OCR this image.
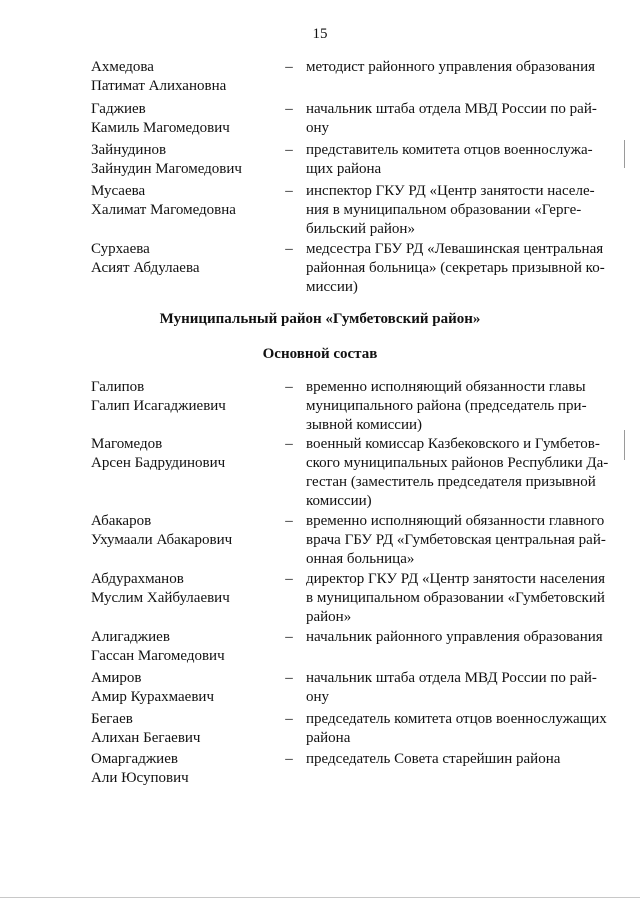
15
Ахмедова
Патимат Алихановна
– методист районного управления образования
Гаджиев
Камиль Магомедович
– начальник штаба отдела МВД России по рай-
ону
Зайнудинов
Зайнудин Магомедович
– представитель комитета отцов военнослужа-
щих района
Мусаева
Халимат Магомедовна
– инспектор ГКУ РД «Центр занятости населе-
ния в муниципальном образовании «Гергe-
бильский район»
Сурхаева
Асият Абдулаева
– медсестра ГБУ РД «Левашинская центральная
районная больница» (секретарь призывной ко-
миссии)
Муниципальный район «Гумбетовский район»
Основной состав
Галипов
Галип Исагаджиевич
– временно исполняющий обязанности главы
муниципального района (председатель при-
зывной комиссии)
Магомедов
Арсен Бадрудинович
– военный комиссар Казбековского и Гумбетов-
ского муниципальных районов Республики Да-
гестан (заместитель председателя призывной
комиссии)
Абакаров
Ухумаали Абакарович
– временно исполняющий обязанности главного
врача ГБУ РД «Гумбетовская центральная рай-
онная больница»
Абдурахманов
Муслим Хайбулаевич
– директор ГКУ РД «Центр занятости населения
в муниципальном образовании «Гумбетовский
район»
Алигаджиев
Гассан Магомедович
– начальник районного управления образования
Амиров
Амир Курахмаевич
– начальник штаба отдела МВД России по рай-
ону
Бегаев
Алихан Бегаевич
– председатель комитета отцов военнослужащих
района
Омаргаджиев
Али Юсупович
– председатель Совета старейшин района
